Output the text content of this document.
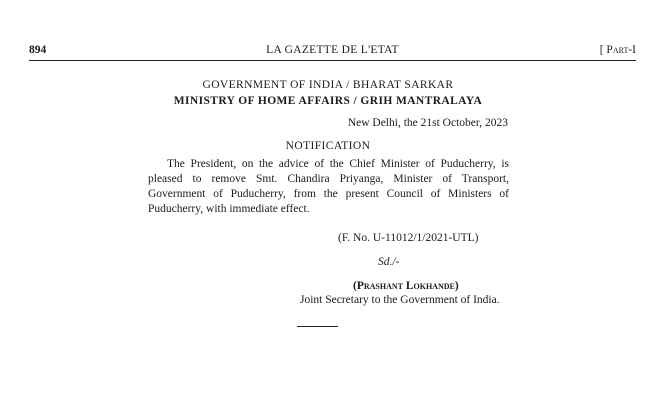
894	LA GAZETTE DE L'ETAT	[ Part-I
GOVERNMENT OF INDIA / BHARAT SARKAR
MINISTRY OF HOME AFFAIRS / GRIH MANTRALAYA
New Delhi, the 21st October, 2023
NOTIFICATION
The President, on the advice of the Chief Minister of Puducherry, is pleased to remove Smt. Chandira Priyanga, Minister of Transport, Government of Puducherry, from the present Council of Ministers of Puducherry, with immediate effect.
(F. No. U-11012/1/2021-UTL)
Sd./-
(Prashant Lokhande)
Joint Secretary to the Government of India.
